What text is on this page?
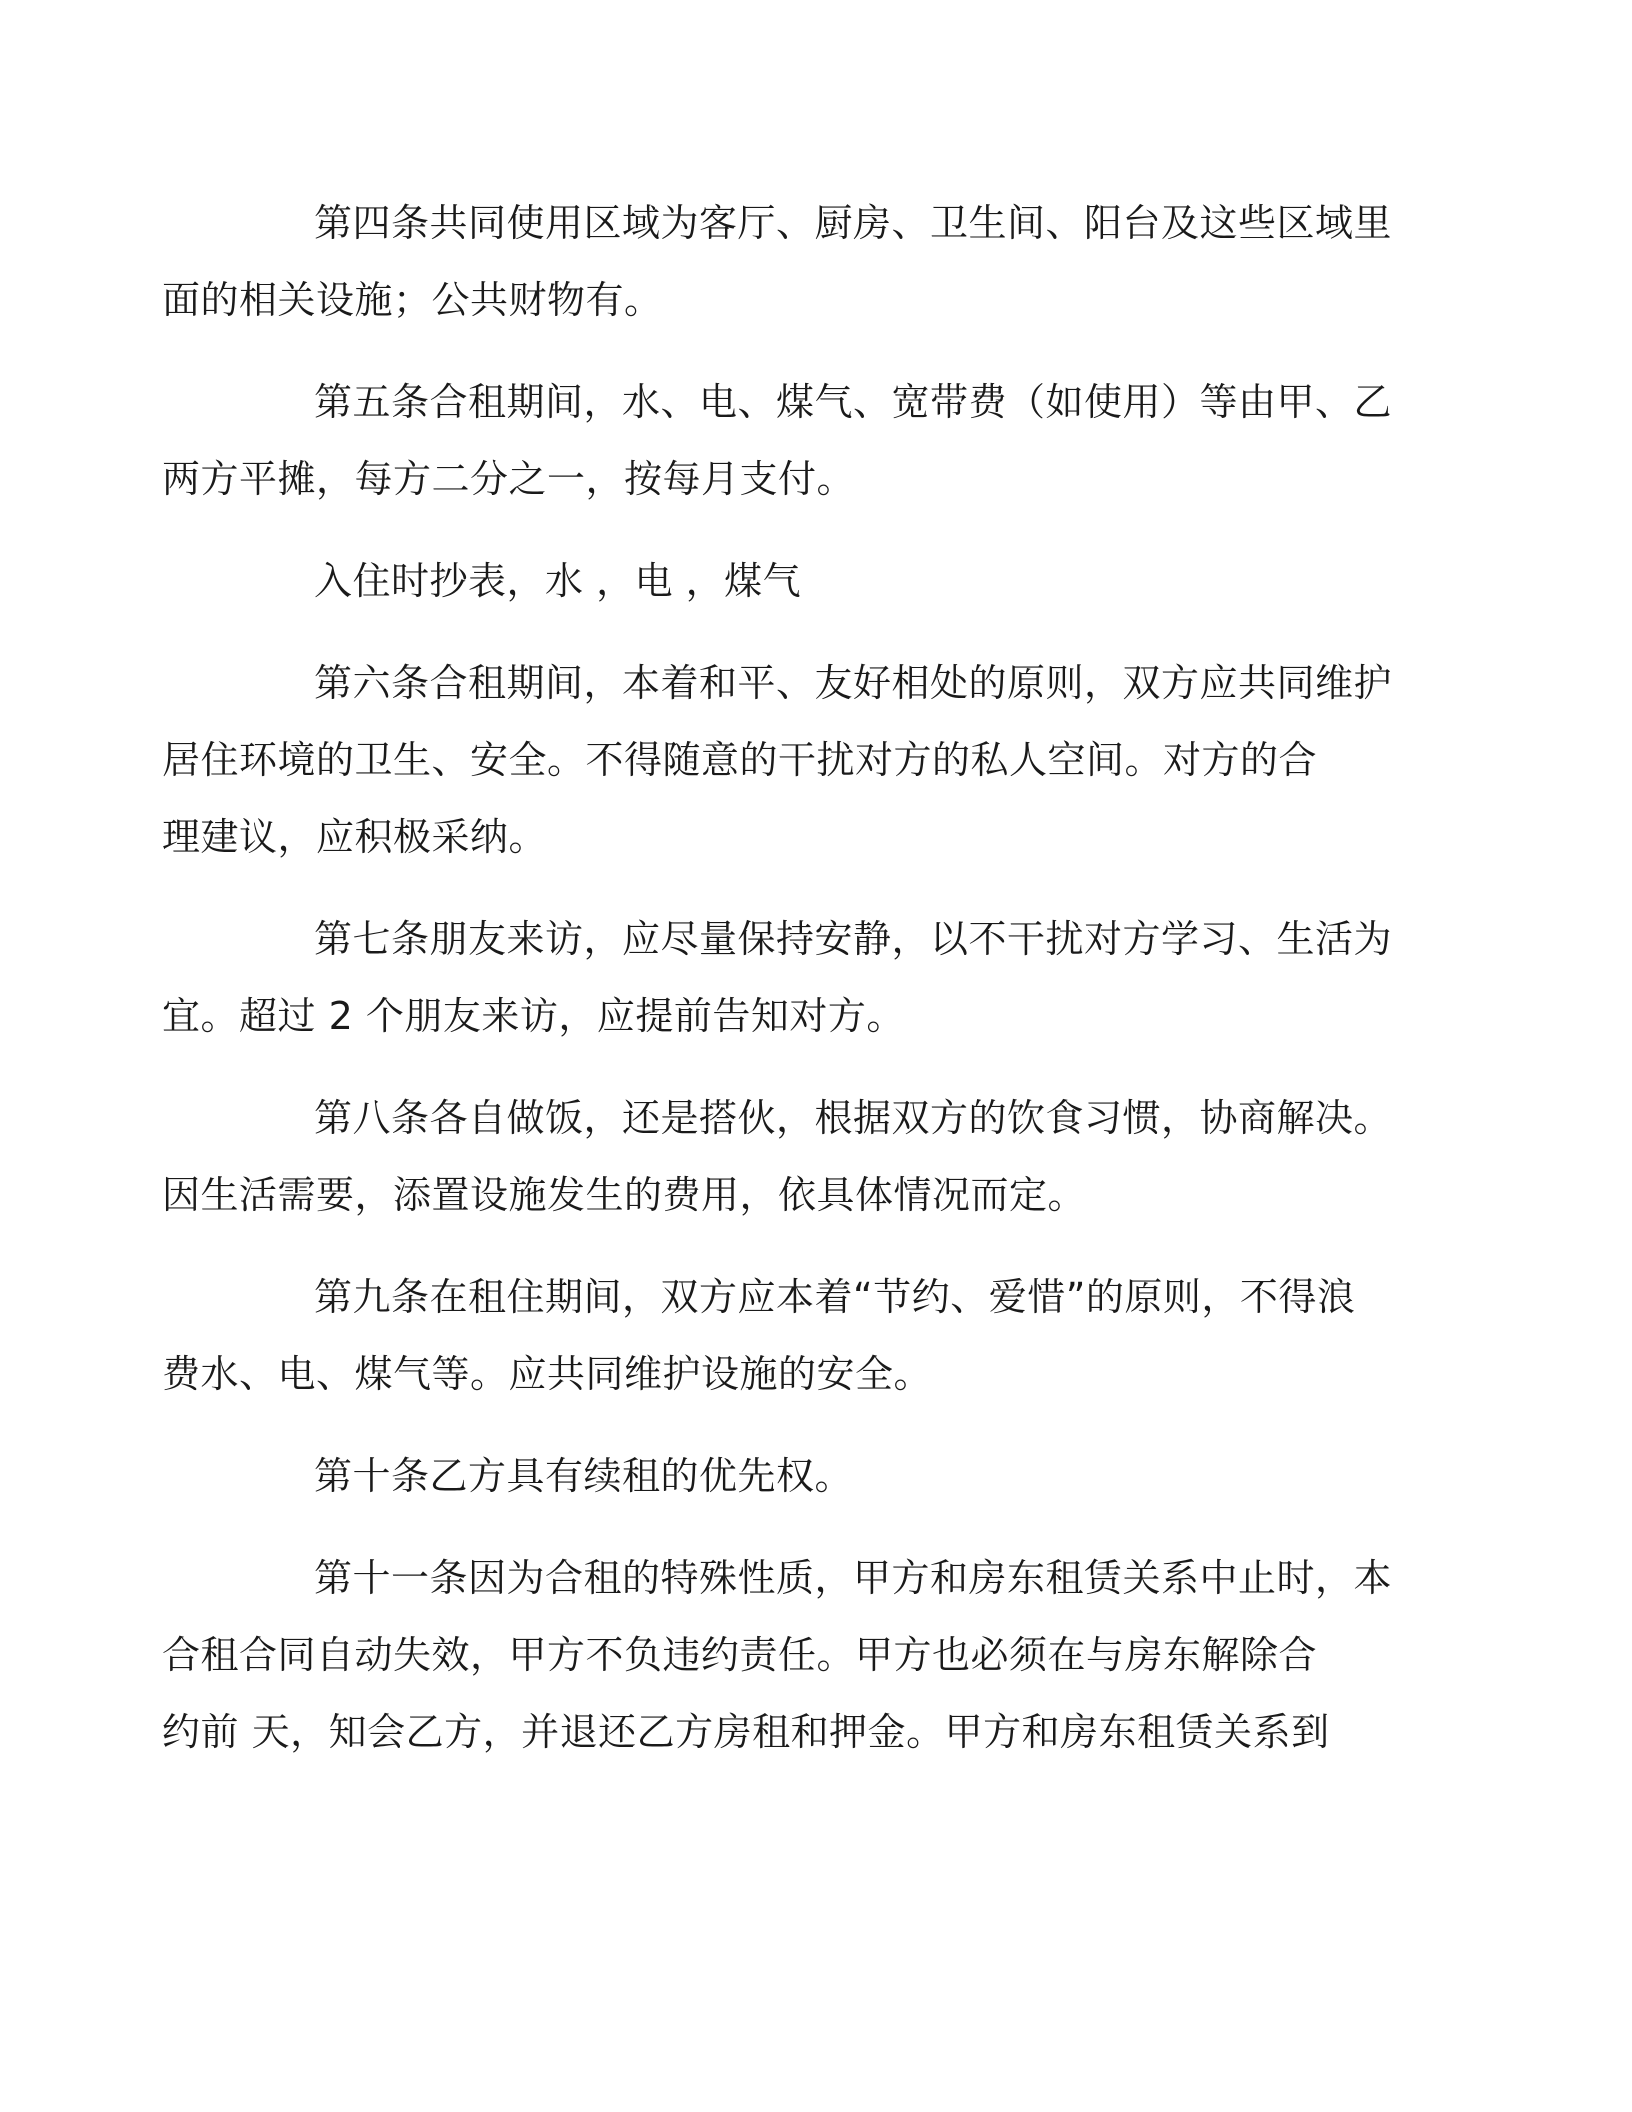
第四条共同使用区域为客厅、厨房、卫生间、阳台及这些区域里
面的相关设施；公共财物有。

第五条合租期间，水、电、煤气、宽带费（如使用）等由甲、乙
两方平摊，每方二分之一，按每月支付。

入住时抄表，水 ，电 ，煤气

第六条合租期间，本着和平、友好相处的原则，双方应共同维护
居住环境的卫生、安全。不得随意的干扰对方的私人空间。对方的合
理建议，应积极采纳。

第七条朋友来访，应尽量保持安静，以不干扰对方学习、生活为
宜。超过 2 个朋友来访，应提前告知对方。

第八条各自做饭，还是搭伙，根据双方的饮食习惯，协商解决。
因生活需要，添置设施发生的费用，依具体情况而定。

第九条在租住期间，双方应本着“节约、爱惜”的原则，不得浪
费水、电、煤气等。应共同维护设施的安全。

第十条乙方具有续租的优先权。

第十一条因为合租的特殊性质，甲方和房东租赁关系中止时，本
合租合同自动失效，甲方不负违约责任。甲方也必须在与房东解除合
约前 天，知会乙方，并退还乙方房租和押金。甲方和房东租赁关系到
